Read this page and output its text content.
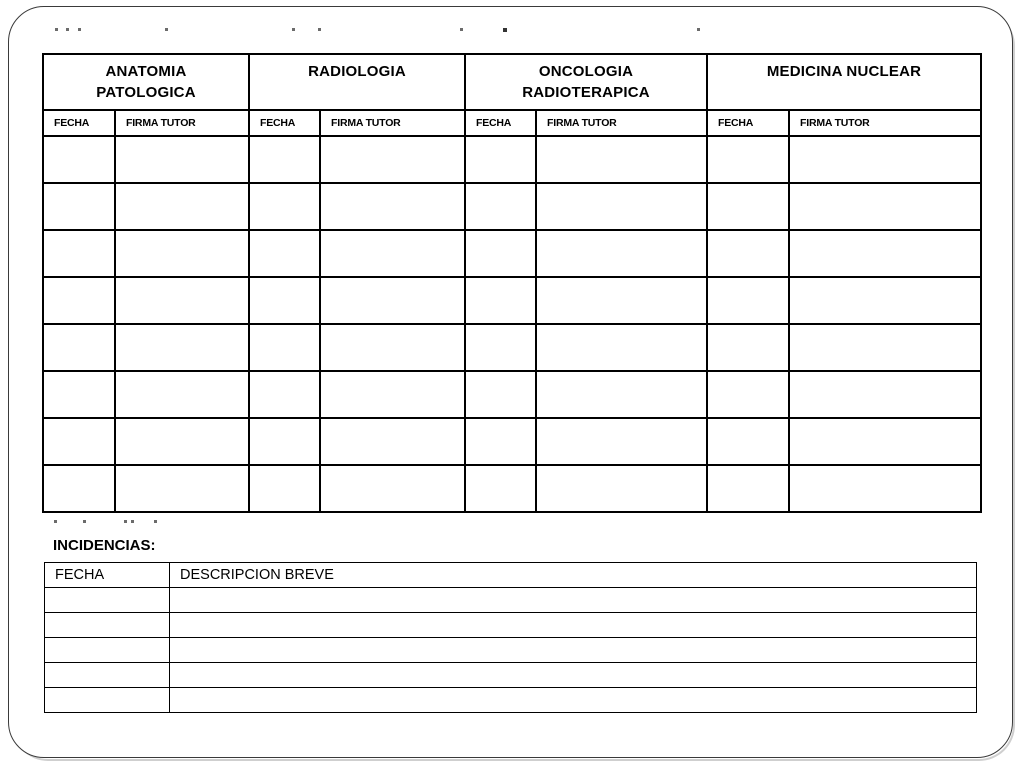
ANATOMIA PATOLOGICA		RADIOLOGIA		ONCOLOGIA RADIOTERAPICA		MEDICINA NUCLEAR	
FECHA	FIRMA TUTOR	FECHA	FIRMA TUTOR	FECHA	FIRMA TUTOR	FECHA	FIRMA TUTOR

INCIDENCIAS:
FECHA	DESCRIPCION BREVE
